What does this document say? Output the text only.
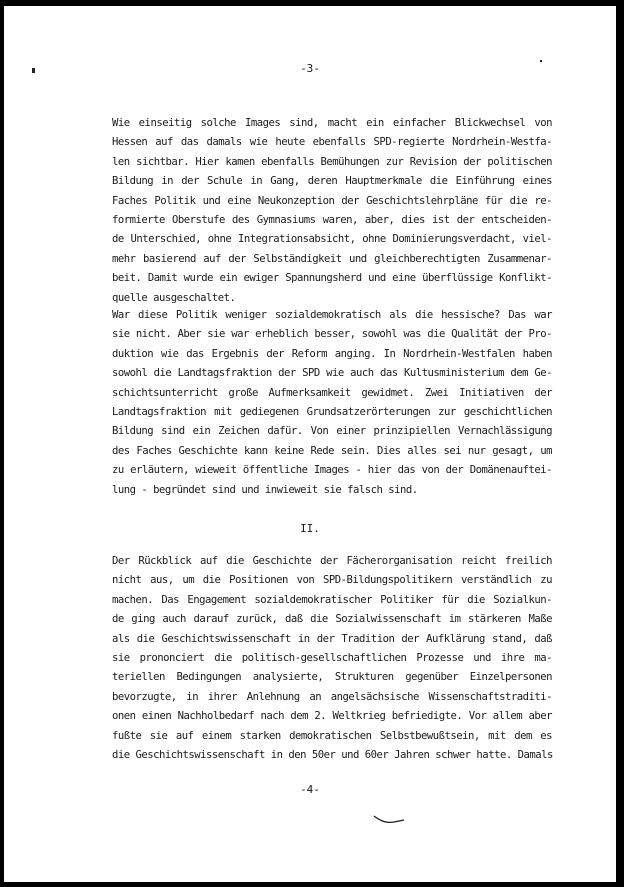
-3-
Wie einseitig solche Images sind, macht ein einfacher Blickwechsel von
Hessen auf das damals wie heute ebenfalls SPD-regierte Nordrhein-Westfa-
len sichtbar. Hier kamen ebenfalls Bemühungen zur Revision der politischen
Bildung in der Schule in Gang, deren Hauptmerkmale die Einführung eines
Faches Politik und eine Neukonzeption der Geschichtslehrpläne für die re-
formierte Oberstufe des Gymnasiums waren, aber, dies ist der entscheiden-
de Unterschied, ohne Integrationsabsicht, ohne Dominierungsverdacht, viel-
mehr basierend auf der Selbständigkeit und gleichberechtigten Zusammenar-
beit. Damit wurde ein ewiger Spannungsherd und eine überflüssige Konflikt-
quelle ausgeschaltet.
War diese Politik weniger sozialdemokratisch als die hessische? Das war
sie nicht. Aber sie war erheblich besser, sowohl was die Qualität der Pro-
duktion wie das Ergebnis der Reform anging. In Nordrhein-Westfalen haben
sowohl die Landtagsfraktion der SPD wie auch das Kultusministerium dem Ge-
schichtsunterricht große Aufmerksamkeit gewidmet. Zwei Initiativen der
Landtagsfraktion mit gediegenen Grundsatzerörterungen zur geschichtlichen
Bildung sind ein Zeichen dafür. Von einer prinzipiellen Vernachlässigung
des Faches Geschichte kann keine Rede sein. Dies alles sei nur gesagt, um
zu erläutern, wieweit öffentliche Images - hier das von der Domänenauftei-
lung - begründet sind und inwieweit sie falsch sind.
II.
Der Rückblick auf die Geschichte der Fächerorganisation reicht freilich
nicht aus, um die Positionen von SPD-Bildungspolitikern verständlich zu
machen. Das Engagement sozialdemokratischer Politiker für die Sozialkun-
de ging auch darauf zurück, daß die Sozialwissenschaft im stärkeren Maße
als die Geschichtswissenschaft in der Tradition der Aufklärung stand, daß
sie prononciert die politisch-gesellschaftlichen Prozesse und ihre ma-
teriellen Bedingungen analysierte, Strukturen gegenüber Einzelpersonen
bevorzugte, in ihrer Anlehnung an angelsächsische Wissenschaftstraditi-
onen einen Nachholbedarf nach dem 2. Weltkrieg befriedigte. Vor allem aber
fußte sie auf einem starken demokratischen Selbstbewußtsein, mit dem es
die Geschichtswissenschaft in den 50er und 60er Jahren schwer hatte. Damals
-4-
